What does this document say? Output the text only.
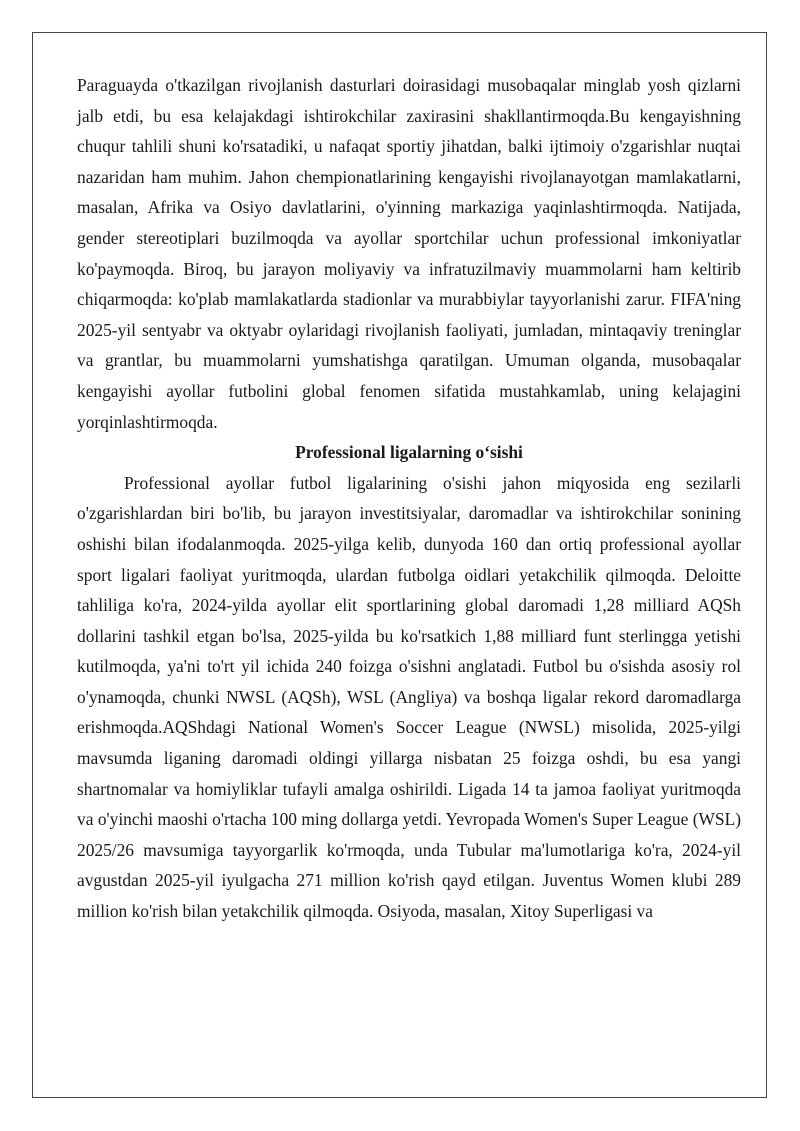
Paraguayda o'tkazilgan rivojlanish dasturlari doirasidagi musobaqalar minglab yosh qizlarni jalb etdi, bu esa kelajakdagi ishtirokchilar zaxirasini shakllantirmoqda.Bu kengayishning chuqur tahlili shuni ko'rsatadiki, u nafaqat sportiy jihatdan, balki ijtimoiy o'zgarishlar nuqtai nazaridan ham muhim. Jahon chempionatlarining kengayishi rivojlanayotgan mamlakatlarni, masalan, Afrika va Osiyo davlatlarini, o'yinning markaziga yaqinlashtirmoqda. Natijada, gender stereotiplari buzilmoqda va ayollar sportchilar uchun professional imkoniyatlar ko'paymoqda. Biroq, bu jarayon moliyaviy va infratuzilmaviy muammolarni ham keltirib chiqarmoqda: ko'plab mamlakatlarda stadionlar va murabbiylar tayyorlanishi zarur. FIFA'ning 2025-yil sentyabr va oktyabr oylaridagi rivojlanish faoliyati, jumladan, mintaqaviy treninglar va grantlar, bu muammolarni yumshatishga qaratilgan. Umuman olganda, musobaqalar kengayishi ayollar futbolini global fenomen sifatida mustahkamlab, uning kelajagini yorqinlashtirmoqda.

Professional ligalarning o‘sishi

Professional ayollar futbol ligalarining o'sishi jahon miqyosida eng sezilarli o'zgarishlardan biri bo'lib, bu jarayon investitsiyalar, daromadlar va ishtirokchilar sonining oshishi bilan ifodalanmoqda. 2025-yilga kelib, dunyoda 160 dan ortiq professional ayollar sport ligalari faoliyat yuritmoqda, ulardan futbolga oidlari yetakchilik qilmoqda. Deloitte tahliliga ko'ra, 2024-yilda ayollar elit sportlarining global daromadi 1,28 milliard AQSh dollarini tashkil etgan bo'lsa, 2025-yilda bu ko'rsatkich 1,88 milliard funt sterlingga yetishi kutilmoqda, ya'ni to'rt yil ichida 240 foizga o'sishni anglatadi. Futbol bu o'sishda asosiy rol o'ynamoqda, chunki NWSL (AQSh), WSL (Angliya) va boshqa ligalar rekord daromadlarga erishmoqda.AQShdagi National Women's Soccer League (NWSL) misolida, 2025-yilgi mavsumda liganing daromadi oldingi yillarga nisbatan 25 foizga oshdi, bu esa yangi shartnomalar va homiyliklar tufayli amalga oshirildi. Ligada 14 ta jamoa faoliyat yuritmoqda va o'yinchi maoshi o'rtacha 100 ming dollarga yetdi. Yevropada Women's Super League (WSL) 2025/26 mavsumiga tayyorgarlik ko'rmoqda, unda Tubular ma'lumotlariga ko'ra, 2024-yil avgustdan 2025-yil iyulgacha 271 million ko'rish qayd etilgan. Juventus Women klubi 289 million ko'rish bilan yetakchilik qilmoqda. Osiyoda, masalan, Xitoy Superligasi va
